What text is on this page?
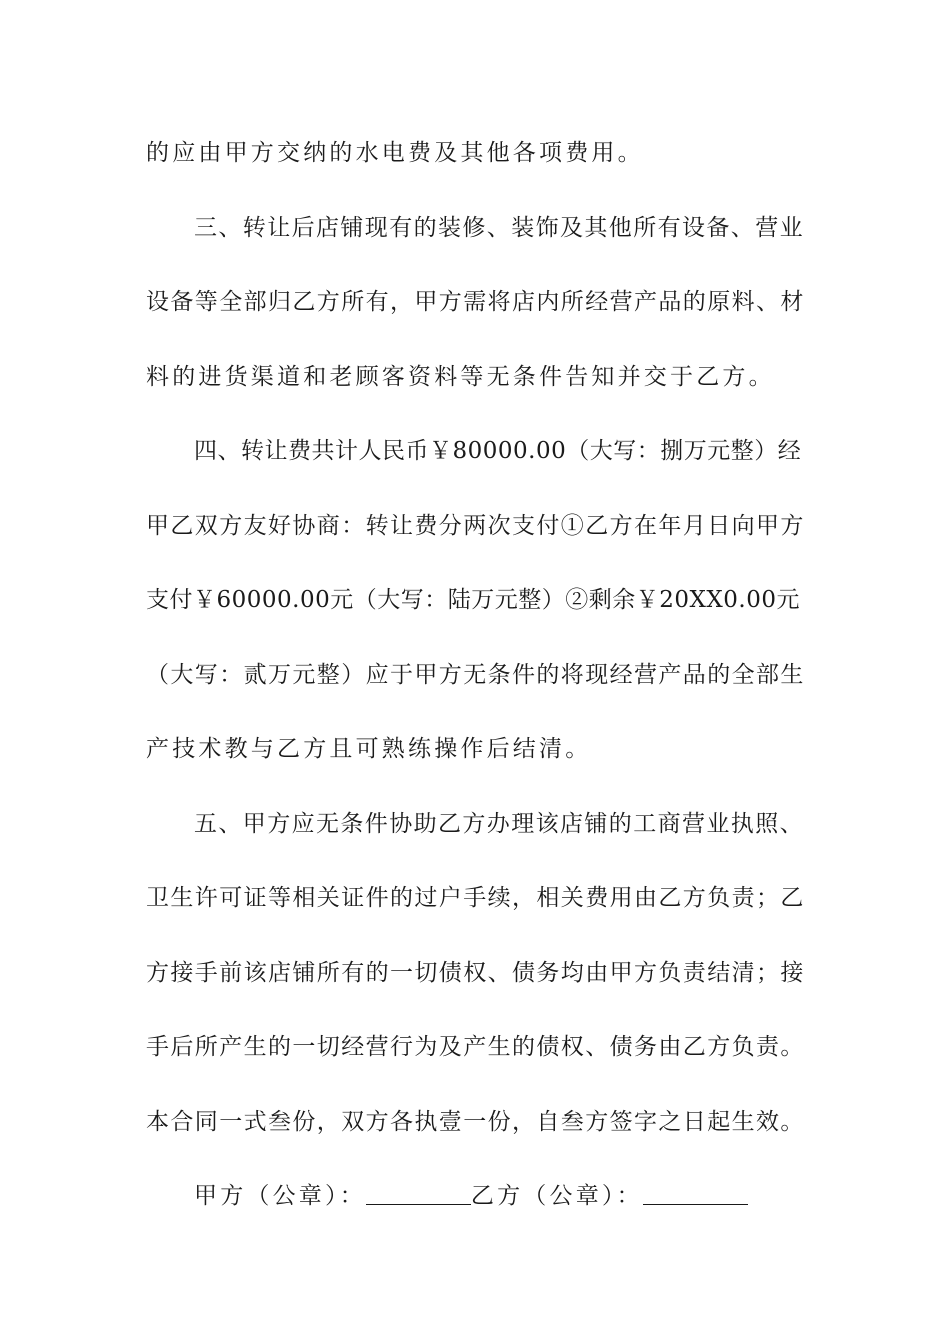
的应由甲方交纳的水电费及其他各项费用。
三、转让后店铺现有的装修、装饰及其他所有设备、营业
设备等全部归乙方所有，甲方需将店内所经营产品的原料、材
料的进货渠道和老顾客资料等无条件告知并交于乙方。
四、转让费共计人民币￥80000.00（大写：捌万元整）经
甲乙双方友好协商：转让费分两次支付①乙方在年月日向甲方
支付￥60000.00元（大写：陆万元整）②剩余￥20XX0.00元
（大写：贰万元整）应于甲方无条件的将现经营产品的全部生
产技术教与乙方且可熟练操作后结清。
五、甲方应无条件协助乙方办理该店铺的工商营业执照、
卫生许可证等相关证件的过户手续，相关费用由乙方负责；乙
方接手前该店铺所有的一切债权、债务均由甲方负责结清；接
手后所产生的一切经营行为及产生的债权、债务由乙方负责。
本合同一式叁份，双方各执壹一份，自叁方签字之日起生效。
甲方（公章）：	乙方（公章）：
